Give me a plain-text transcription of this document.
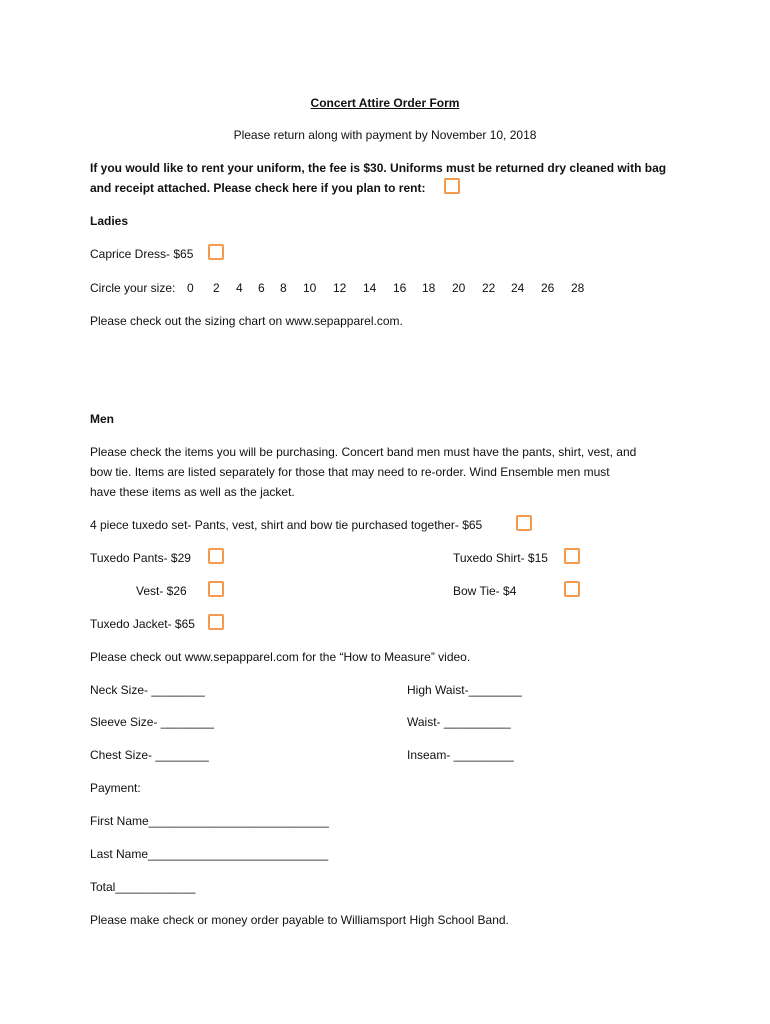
Concert Attire Order Form
Please return along with payment by November 10, 2018
If you would like to rent your uniform, the fee is $30. Uniforms must be returned dry cleaned with bag
and receipt attached. Please check here if you plan to rent:
Ladies
Caprice Dress- $65
Circle your size: 0 2 4 6 8 10 12 14 16 18 20 22 24 26 28
Please check out the sizing chart on www.sepapparel.com.
Men
Please check the items you will be purchasing. Concert band men must have the pants, shirt, vest, and
bow tie. Items are listed separately for those that may need to re-order. Wind Ensemble men must
have these items as well as the jacket.
4 piece tuxedo set- Pants, vest, shirt and bow tie purchased together- $65
Tuxedo Pants- $29	Tuxedo Shirt- $15
Vest- $26	Bow Tie- $4
Tuxedo Jacket- $65
Please check out www.sepapparel.com for the “How to Measure” video.
Neck Size- ________	High Waist-________
Sleeve Size- ________	Waist- __________
Chest Size- ________	Inseam- _________
Payment:
First Name___________________________
Last Name___________________________
Total____________
Please make check or money order payable to Williamsport High School Band.
